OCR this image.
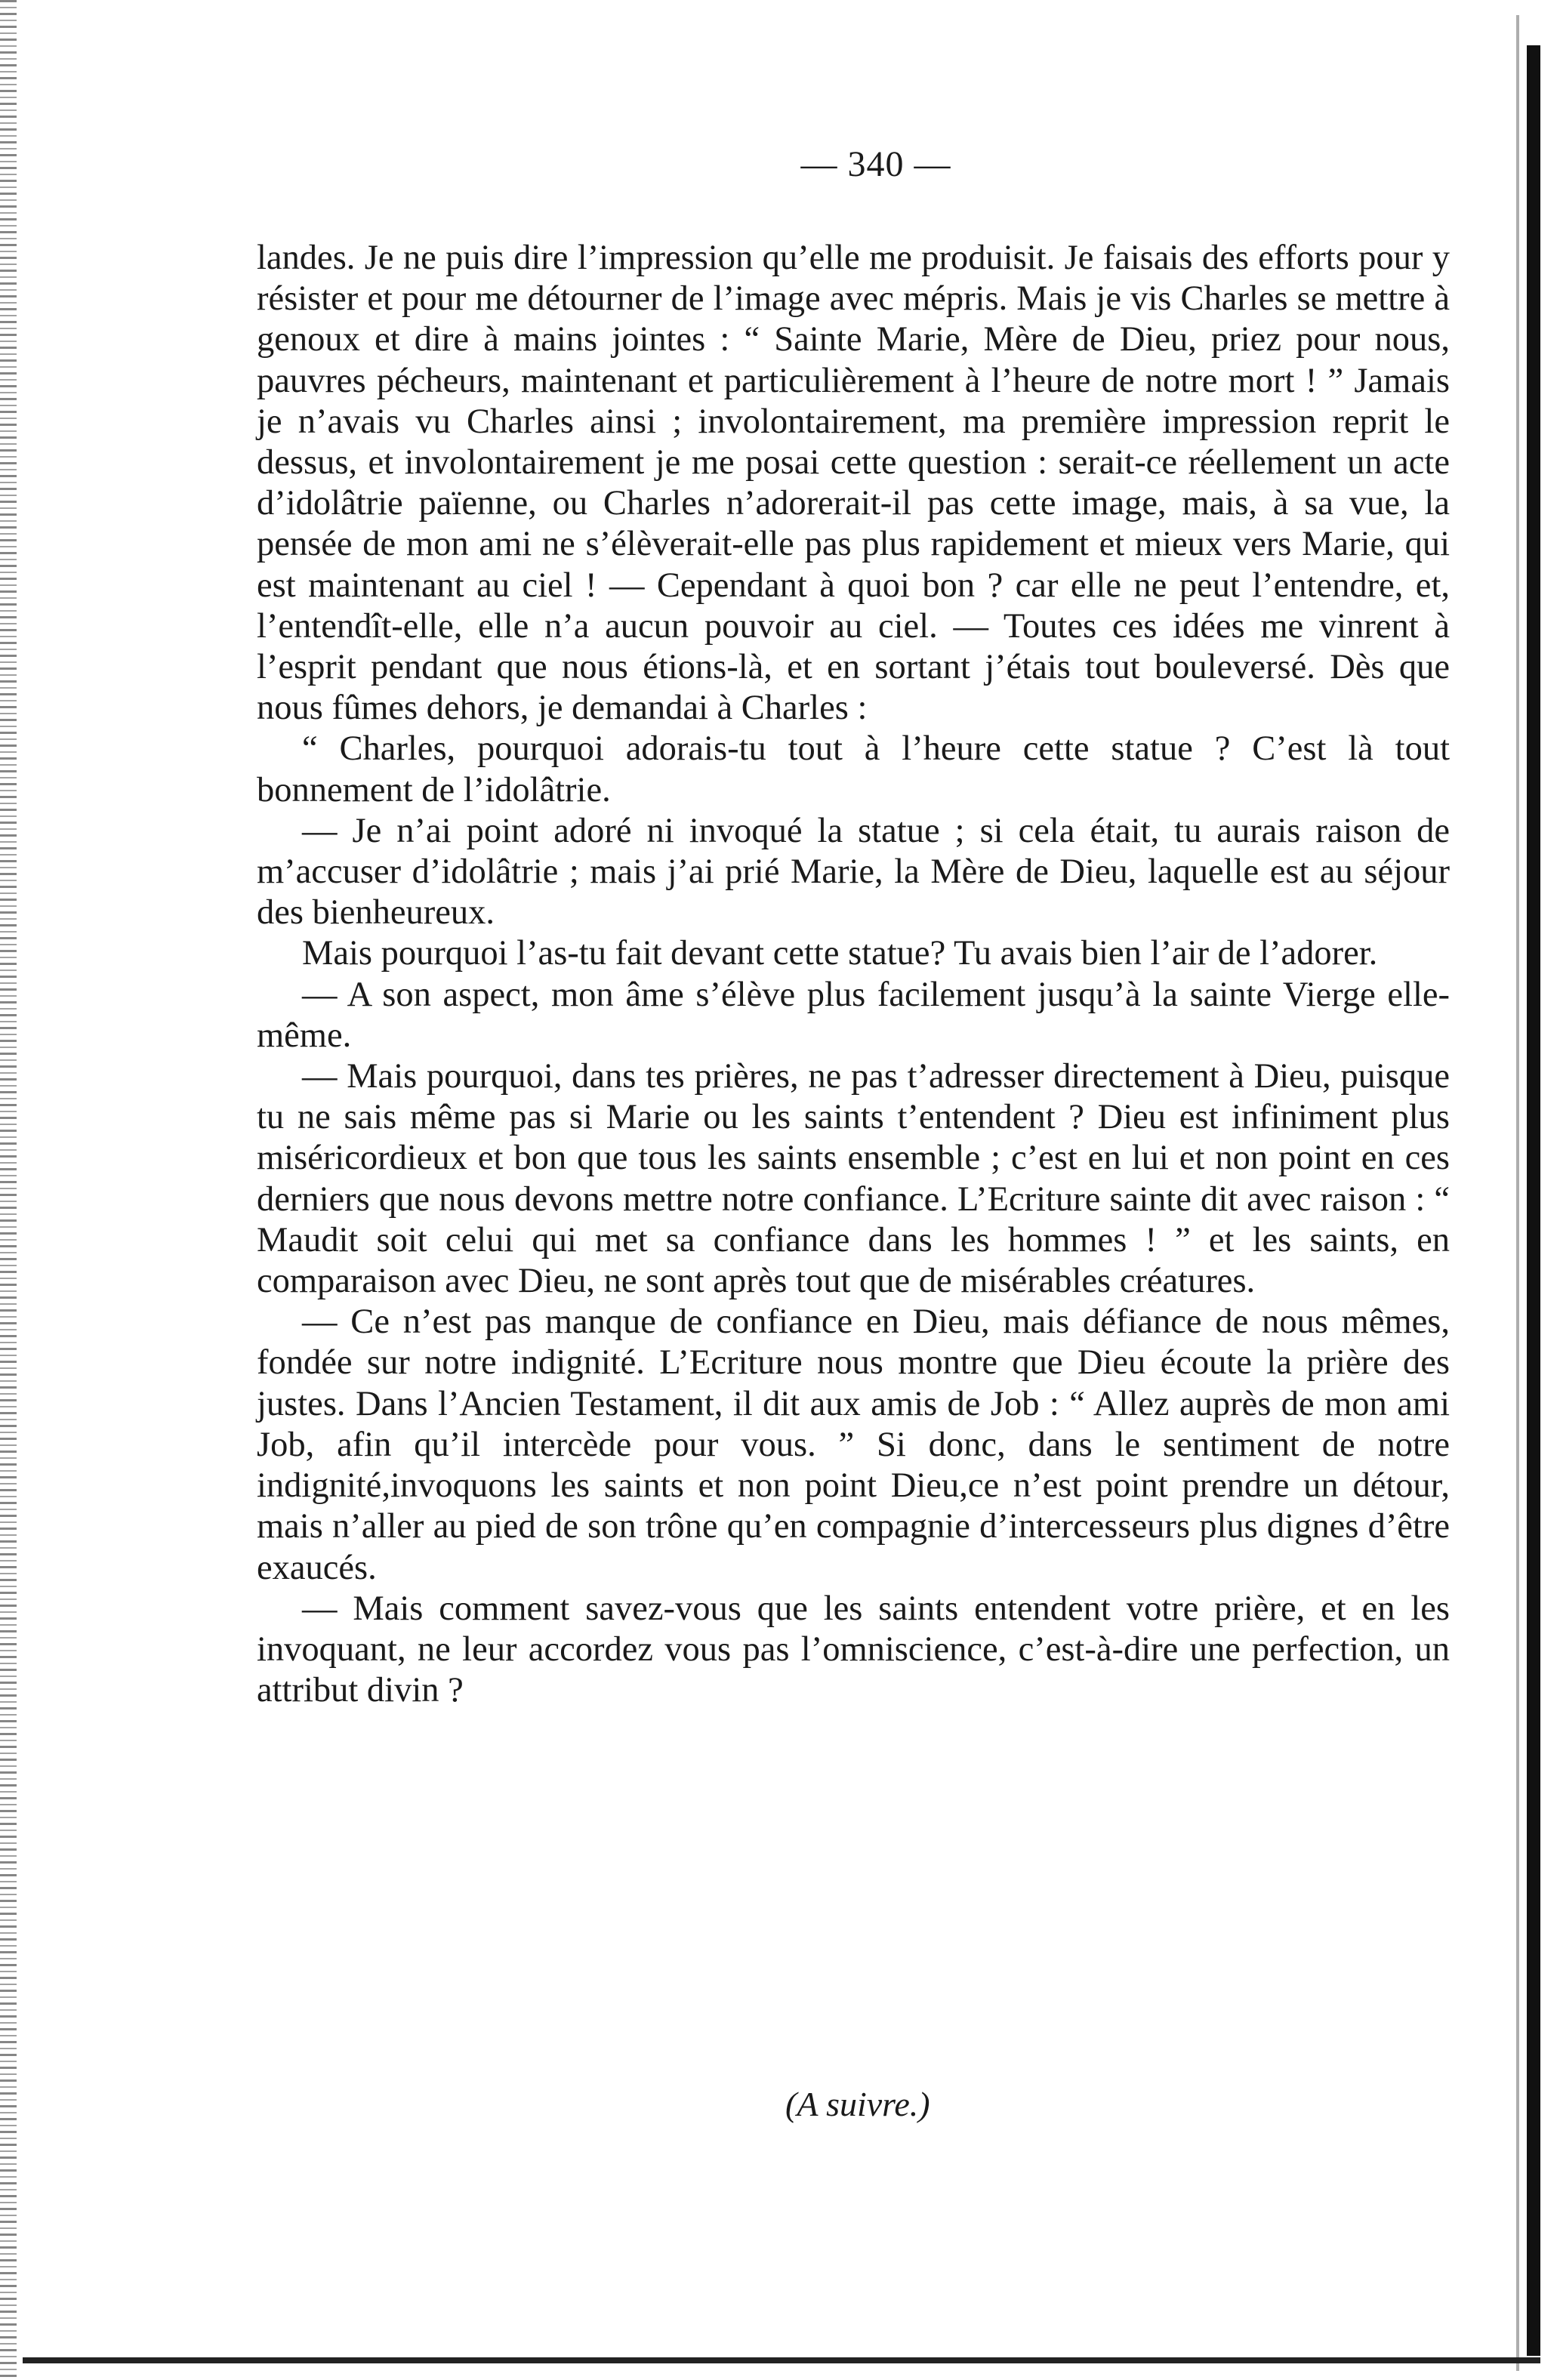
— 340 —

landes. Je ne puis dire l’impression qu’elle me produisit. Je faisais des efforts pour y résister et pour me détourner de l’image avec mépris. Mais je vis Charles se mettre à genoux et dire à mains jointes : “ Sainte Marie, Mère de Dieu, priez pour nous, pauvres pécheurs, maintenant et particulièrement à l’heure de notre mort ! ” Jamais je n’avais vu Charles ainsi ; involontairement, ma première impression reprit le dessus, et involontairement je me posai cette question : serait-ce réellement un acte d’idolâtrie païenne, ou Charles n’adorerait-il pas cette image, mais, à sa vue, la pensée de mon ami ne s’élèverait-elle pas plus rapidement et mieux vers Marie, qui est maintenant au ciel ! — Cependant à quoi bon ? car elle ne peut l’entendre, et, l’entendît-elle, elle n’a aucun pouvoir au ciel. — Toutes ces idées me vinrent à l’esprit pendant que nous étions-là, et en sortant j’étais tout bouleversé. Dès que nous fûmes dehors, je demandai à Charles :

“ Charles, pourquoi adorais-tu tout à l’heure cette statue ? C’est là tout bonnement de l’idolâtrie.

— Je n’ai point adoré ni invoqué la statue ; si cela était, tu aurais raison de m’accuser d’idolâtrie ; mais j’ai prié Marie, la Mère de Dieu, laquelle est au séjour des bienheureux.

Mais pourquoi l’as-tu fait devant cette statue? Tu avais bien l’air de l’adorer.

— A son aspect, mon âme s’élève plus facilement jusqu’à la sainte Vierge elle-même.

— Mais pourquoi, dans tes prières, ne pas t’adresser directement à Dieu, puisque tu ne sais même pas si Marie ou les saints t’entendent ? Dieu est infiniment plus miséricordieux et bon que tous les saints ensemble ; c’est en lui et non point en ces derniers que nous devons mettre notre confiance. L’Ecriture sainte dit avec raison : “ Maudit soit celui qui met sa confiance dans les hommes ! ” et les saints, en comparaison avec Dieu, ne sont après tout que de misérables créatures.

— Ce n’est pas manque de confiance en Dieu, mais défiance de nous mêmes, fondée sur notre indignité. L’Ecriture nous montre que Dieu écoute la prière des justes. Dans l’Ancien Testament, il dit aux amis de Job : “ Allez auprès de mon ami Job, afin qu’il intercède pour vous. ” Si donc, dans le sentiment de notre indignité,invoquons les saints et non point Dieu,ce n’est point prendre un détour, mais n’aller au pied de son trône qu’en compagnie d’intercesseurs plus dignes d’être exaucés.

— Mais comment savez-vous que les saints entendent votre prière, et en les invoquant, ne leur accordez vous pas l’omniscience, c’est-à-dire une perfection, un attribut divin ?

(A suivre.)
